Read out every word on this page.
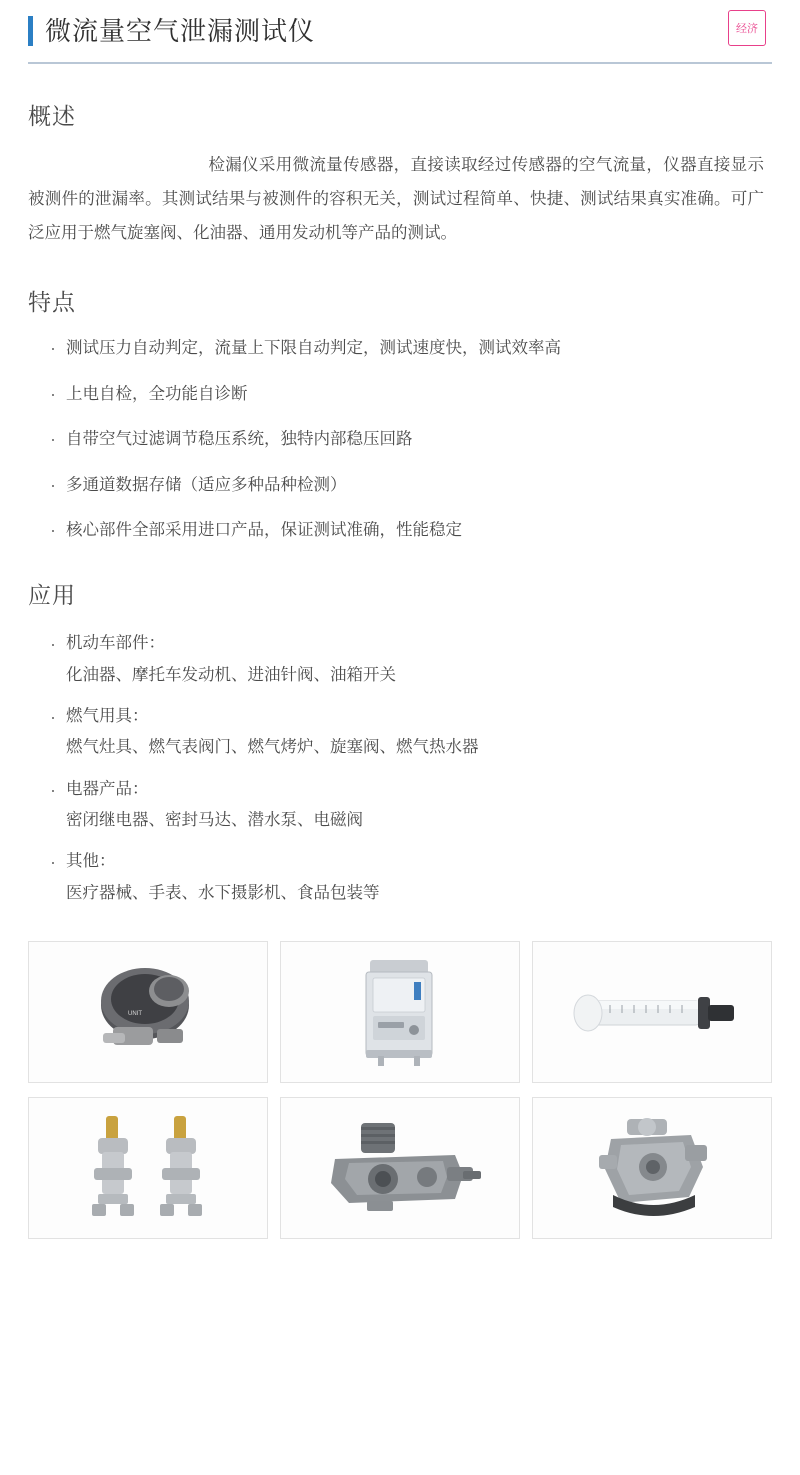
微流量空气泄漏测试仪	经济
概述

检漏仪采用微流量传感器，直接读取经过传感器的空气流量，仪器直接显示被测件的泄漏率。其测试结果与被测件的容积无关，测试过程简单、快捷、测试结果真实准确。可广泛应用于燃气旋塞阀、化油器、通用发动机等产品的测试。

特点
· 测试压力自动判定，流量上下限自动判定，测试速度快，测试效率高
· 上电自检，全功能自诊断
· 自带空气过滤调节稳压系统，独特内部稳压回路
· 多通道数据存储（适应多种品种检测）
· 核心部件全部采用进口产品，保证测试准确，性能稳定
应用
· 机动车部件：
化油器、摩托车发动机、进油针阀、油箱开关
· 燃气用具：
燃气灶具、燃气表阀门、燃气烤炉、旋塞阀、燃气热水器
· 电器产品：
密闭继电器、密封马达、潜水泵、电磁阀
· 其他：
医疗器械、手表、水下摄影机、食品包装等
UNIT
